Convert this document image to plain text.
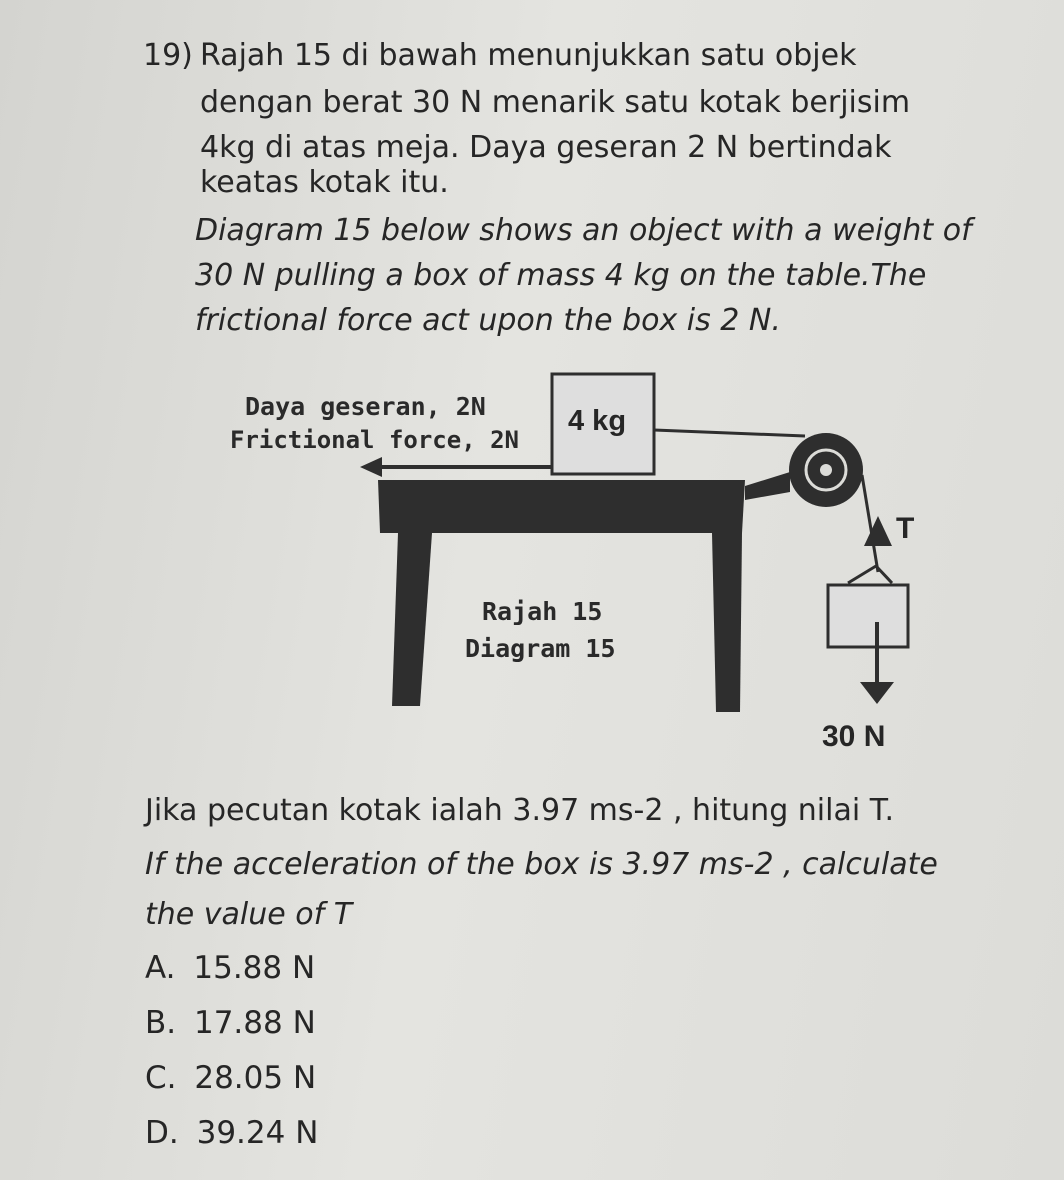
19) Rajah 15 di bawah menunjukkan satu objek
dengan berat 30 N menarik satu kotak berjisim
4kg di atas meja. Daya geseran 2 N bertindak
keatas kotak itu.
Diagram 15 below shows an object with a weight of
30 N pulling a box of mass 4 kg on the table.The
frictional force act upon the box is 2 N.
Daya geseran, 2N
Frictional force, 2N
4 kg
T
Rajah 15
Diagram 15
30 N
Jika pecutan kotak ialah 3.97 ms-2 , hitung nilai T.
If the acceleration of the box is 3.97 ms-2 , calculate
the value of T
A. 15.88 N
B. 17.88 N
C. 28.05 N
D. 39.24 N
